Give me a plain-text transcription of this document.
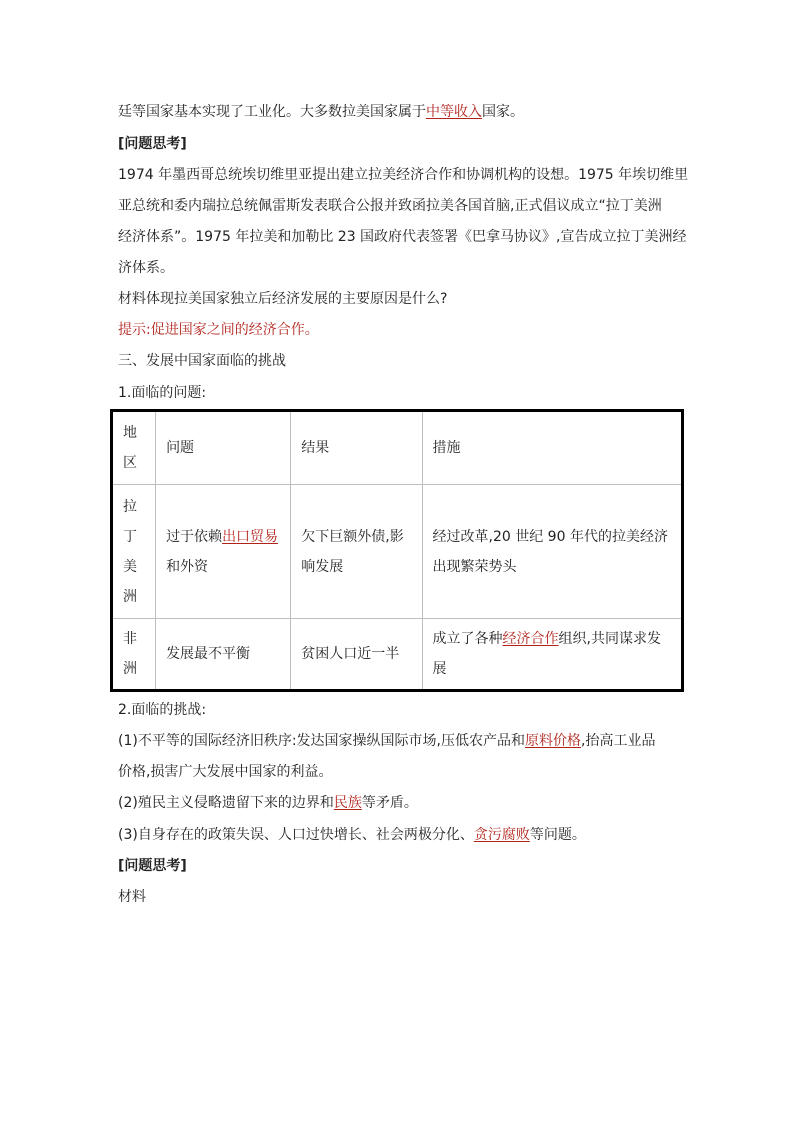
廷等国家基本实现了工业化。大多数拉美国家属于中等收入国家。
[问题思考]
1974 年墨西哥总统埃切维里亚提出建立拉美经济合作和协调机构的设想。1975 年埃切维里
亚总统和委内瑞拉总统佩雷斯发表联合公报并致函拉美各国首脑,正式倡议成立“拉丁美洲
经济体系”。1975 年拉美和加勒比 23 国政府代表签署《巴拿马协议》,宣告成立拉丁美洲经
济体系。
材料体现拉美国家独立后经济发展的主要原因是什么?
提示:促进国家之间的经济合作。
三、发展中国家面临的挑战
1.面临的问题:
地区	问题	结果	措施

拉丁美洲	过于依赖出口贸易和外资	欠下巨额外债,影响发展	经过改革,20 世纪 90 年代的拉美经济出现繁荣势头

非洲	发展最不平衡	贫困人口近一半	成立了各种经济合作组织,共同谋求发展
2.面临的挑战:
(1)不平等的国际经济旧秩序:发达国家操纵国际市场,压低农产品和原料价格,抬高工业品
价格,损害广大发展中国家的利益。
(2)殖民主义侵略遗留下来的边界和民族等矛盾。
(3)自身存在的政策失误、人口过快增长、社会两极分化、贪污腐败等问题。
[问题思考]
材料
